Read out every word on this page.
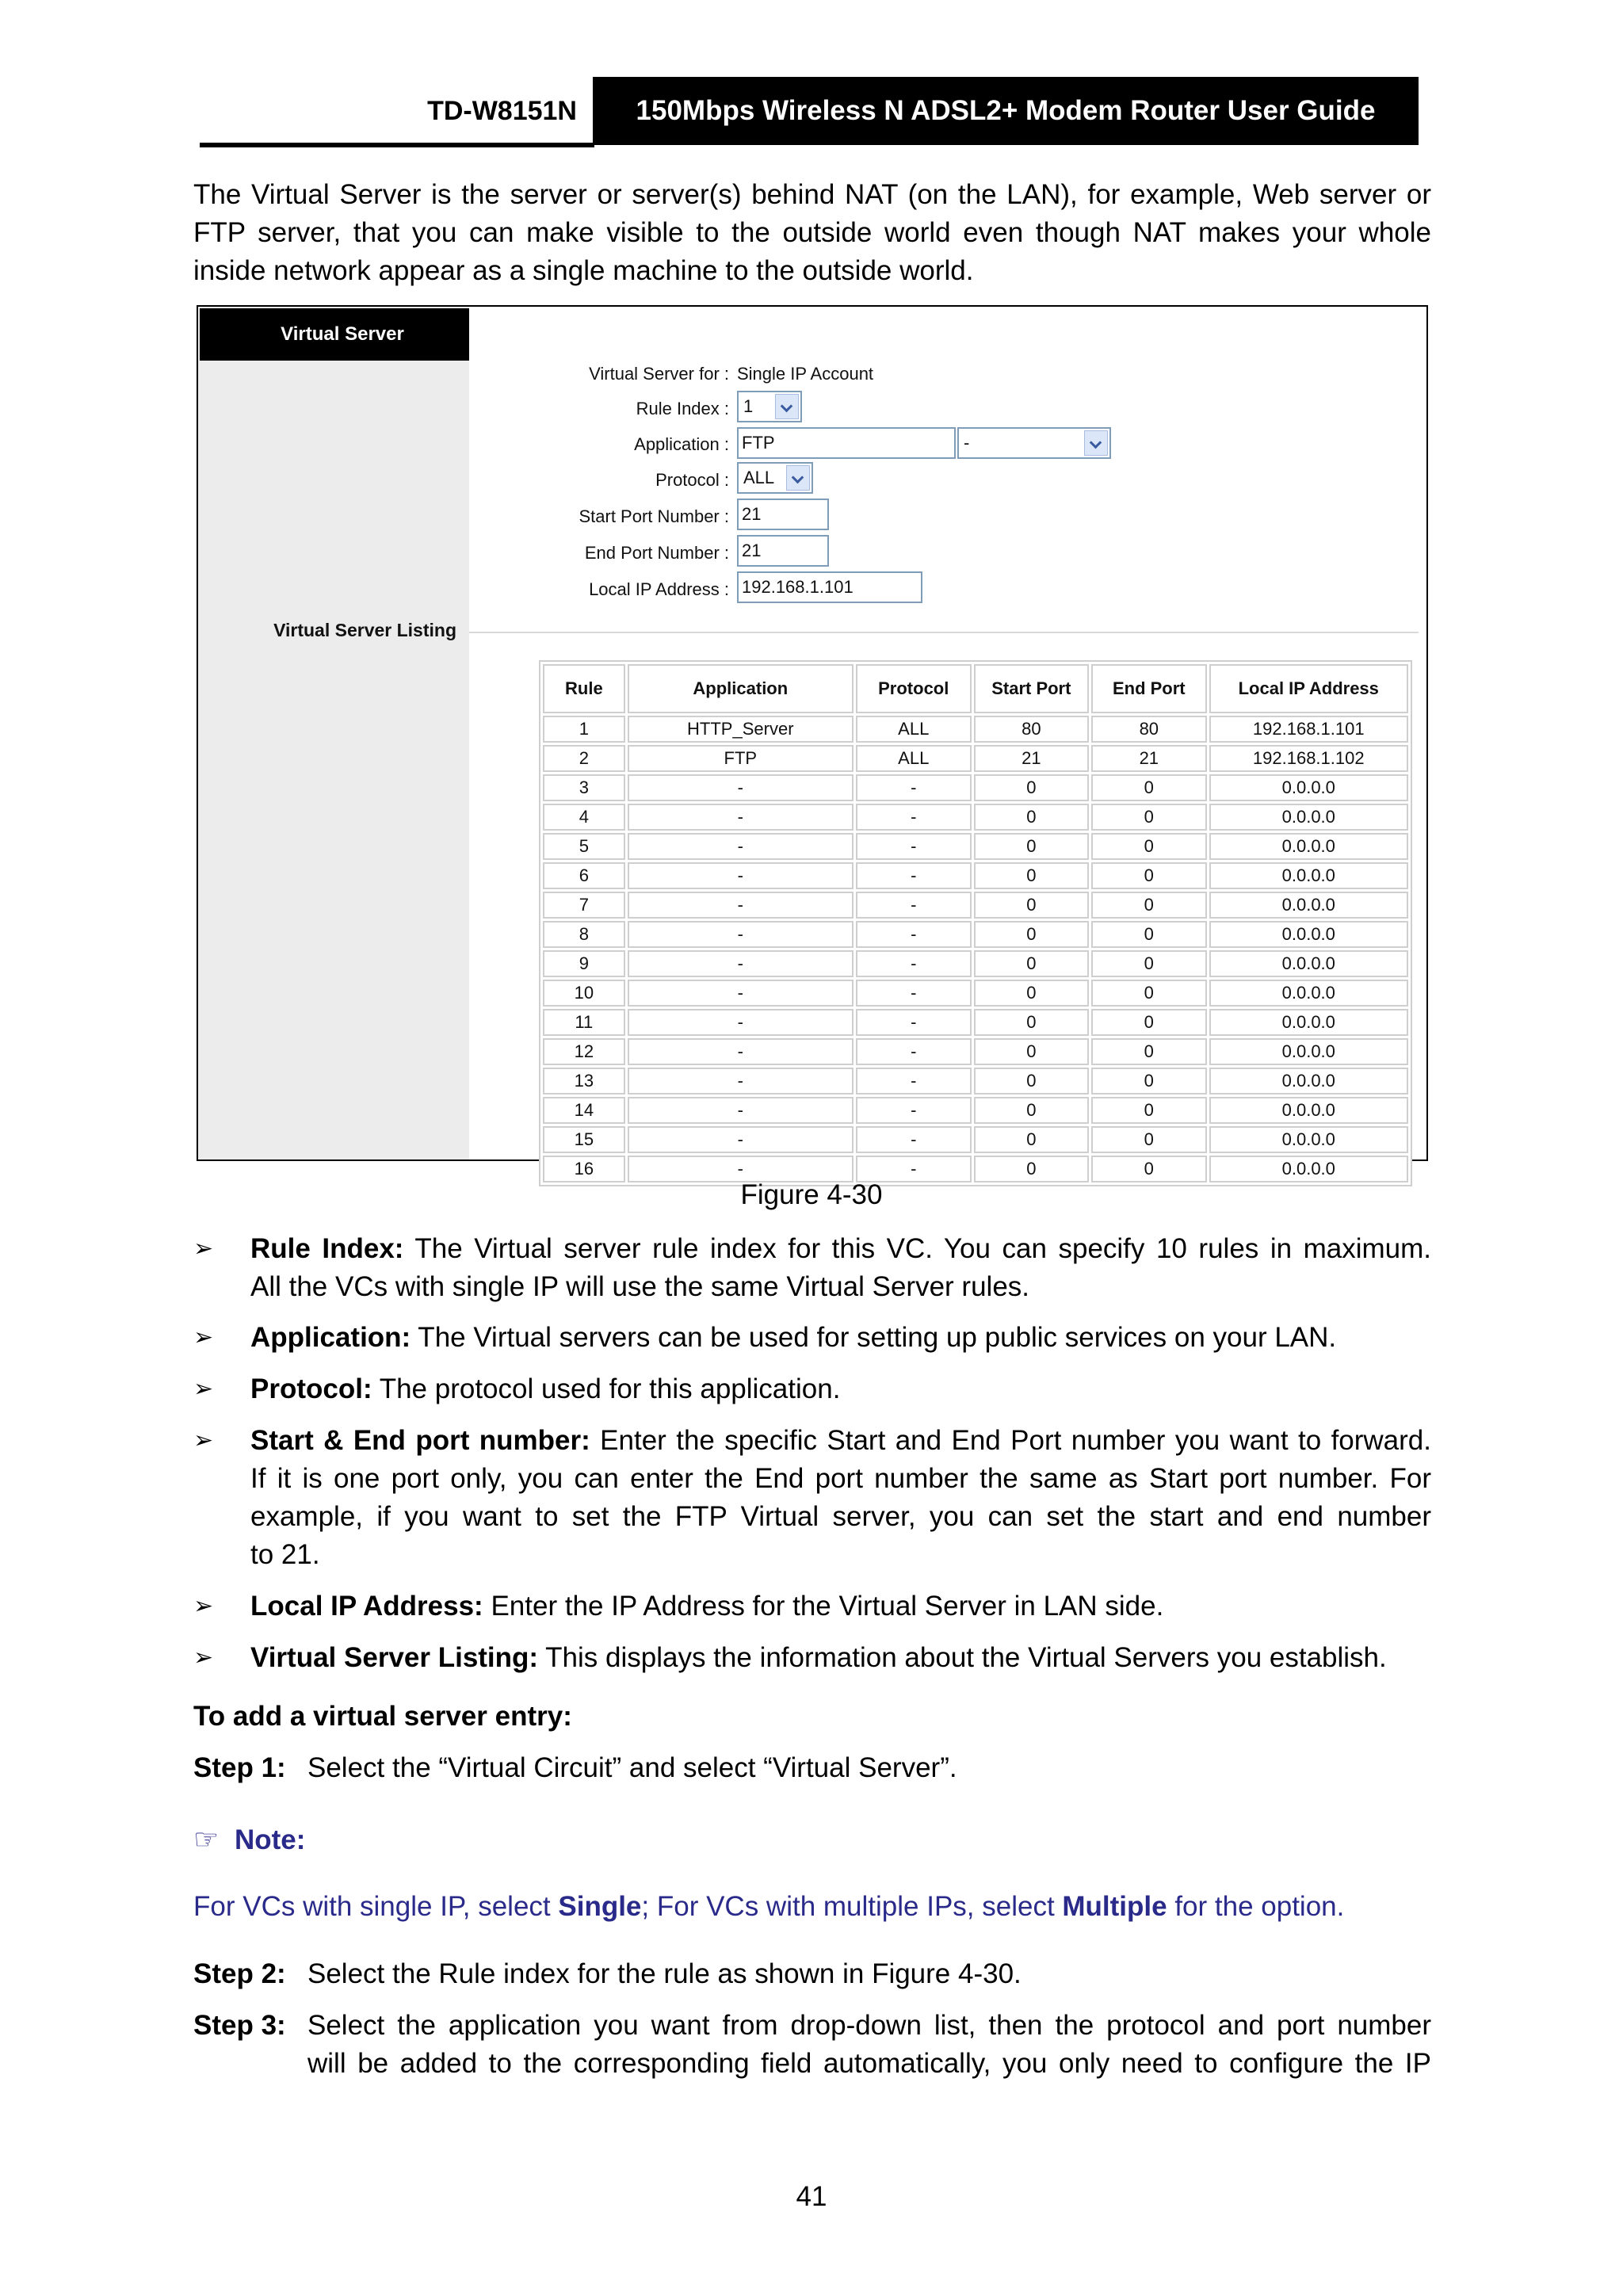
TD-W8151N	150Mbps Wireless N ADSL2+ Modem Router User Guide
The Virtual Server is the server or server(s) behind NAT (on the LAN), for example, Web server or
FTP server, that you can make visible to the outside world even though NAT makes your whole
inside network appear as a single machine to the outside world.
Virtual Server
Virtual Server Listing
Virtual Server for : Single IP Account
Rule Index : 1
Application : FTP	-
Protocol : ALL
Start Port Number : 21
End Port Number : 21
Local IP Address : 192.168.1.101
Rule	Application	Protocol	Start Port	End Port	Local IP Address
1	HTTP_Server	ALL	80	80	192.168.1.101
2	FTP	ALL	21	21	192.168.1.102
3	-	-	0	0	0.0.0.0
4	-	-	0	0	0.0.0.0
5	-	-	0	0	0.0.0.0
6	-	-	0	0	0.0.0.0
7	-	-	0	0	0.0.0.0
8	-	-	0	0	0.0.0.0
9	-	-	0	0	0.0.0.0
10	-	-	0	0	0.0.0.0
11	-	-	0	0	0.0.0.0
12	-	-	0	0	0.0.0.0
13	-	-	0	0	0.0.0.0
14	-	-	0	0	0.0.0.0
15	-	-	0	0	0.0.0.0
16	-	-	0	0	0.0.0.0
Figure 4-30
➢	Rule Index: The Virtual server rule index for this VC. You can specify 10 rules in maximum.
All the VCs with single IP will use the same Virtual Server rules.
➢	Application: The Virtual servers can be used for setting up public services on your LAN.
➢	Protocol: The protocol used for this application.
➢	Start & End port number: Enter the specific Start and End Port number you want to forward.
If it is one port only, you can enter the End port number the same as Start port number. For
example, if you want to set the FTP Virtual server, you can set the start and end number
to 21.
➢	Local IP Address: Enter the IP Address for the Virtual Server in LAN side.
➢	Virtual Server Listing: This displays the information about the Virtual Servers you establish.
To add a virtual server entry:
Step 1: Select the “Virtual Circuit” and select “Virtual Server”.
☞ Note:
For VCs with single IP, select Single; For VCs with multiple IPs, select Multiple for the option.
Step 2: Select the Rule index for the rule as shown in Figure 4-30.
Step 3: Select the application you want from drop-down list, then the protocol and port number
will be added to the corresponding field automatically, you only need to configure the IP
41
